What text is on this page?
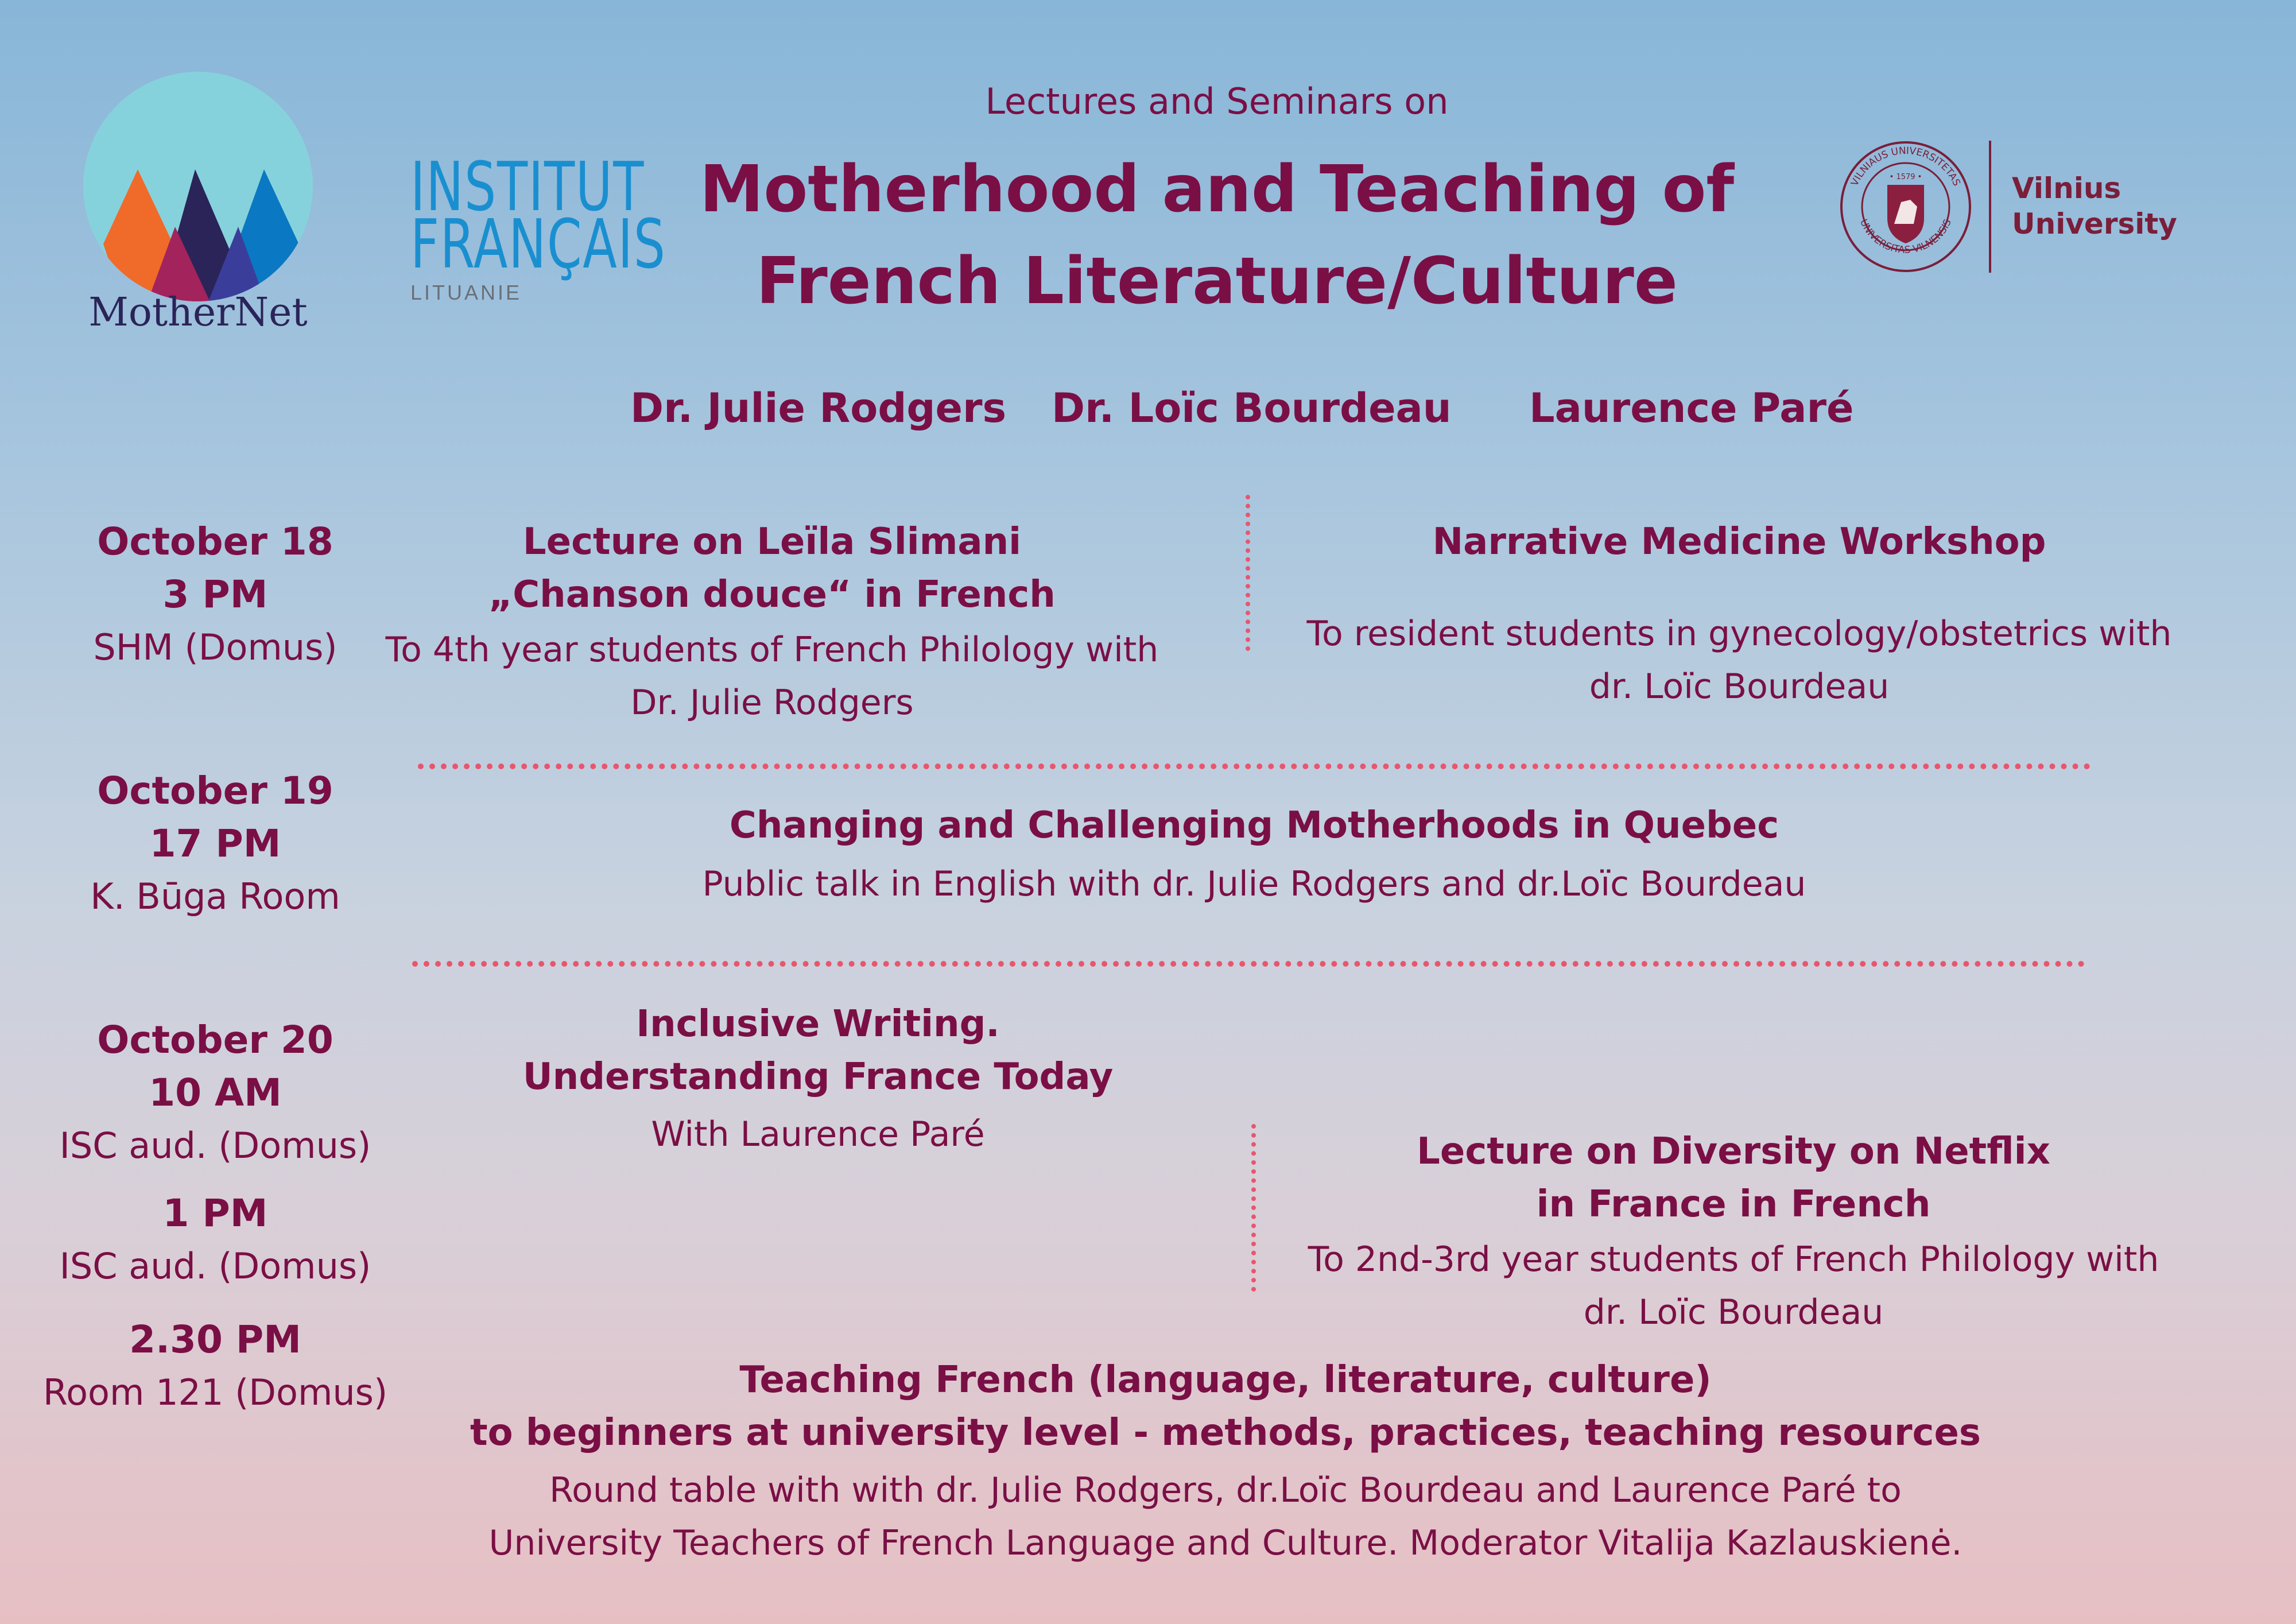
Lectures and Seminars on
Motherhood and Teaching of
French Literature/Culture
MotherNet
INSTITUT
FRANÇAIS
LITUANIE
VILNIAUS UNIVERSITETAS
UNIVERSITAS VILNENSIS
• 1579 •	Vilnius
University
Dr. Julie Rodgers Dr. Loïc Bourdeau Laurence Paré
October 18
3 PM
SHM (Domus)
Lecture on Leïla Slimani
„Chanson douce“ in French
To 4th year students of French Philology with
Dr. Julie Rodgers
Narrative Medicine Workshop
To resident students in gynecology/obstetrics with
dr. Loïc Bourdeau
October 19
17 PM
K. Būga Room
Changing and Challenging Motherhoods in Quebec
Public talk in English with dr. Julie Rodgers and dr.Loïc Bourdeau
October 20
10 AM
ISC aud. (Domus)
1 PM
ISC aud. (Domus)
2.30 PM
Room 121 (Domus)
Inclusive Writing.
Understanding France Today
With Laurence Paré	Lecture on Diversity on Netflix
in France in French
To 2nd-3rd year students of French Philology with
dr. Loïc Bourdeau
Teaching French (language, literature, culture)
to beginners at university level - methods, practices, teaching resources
Round table with with dr. Julie Rodgers, dr.Loïc Bourdeau and Laurence Paré to
University Teachers of French Language and Culture. Moderator Vitalija Kazlauskienė.
